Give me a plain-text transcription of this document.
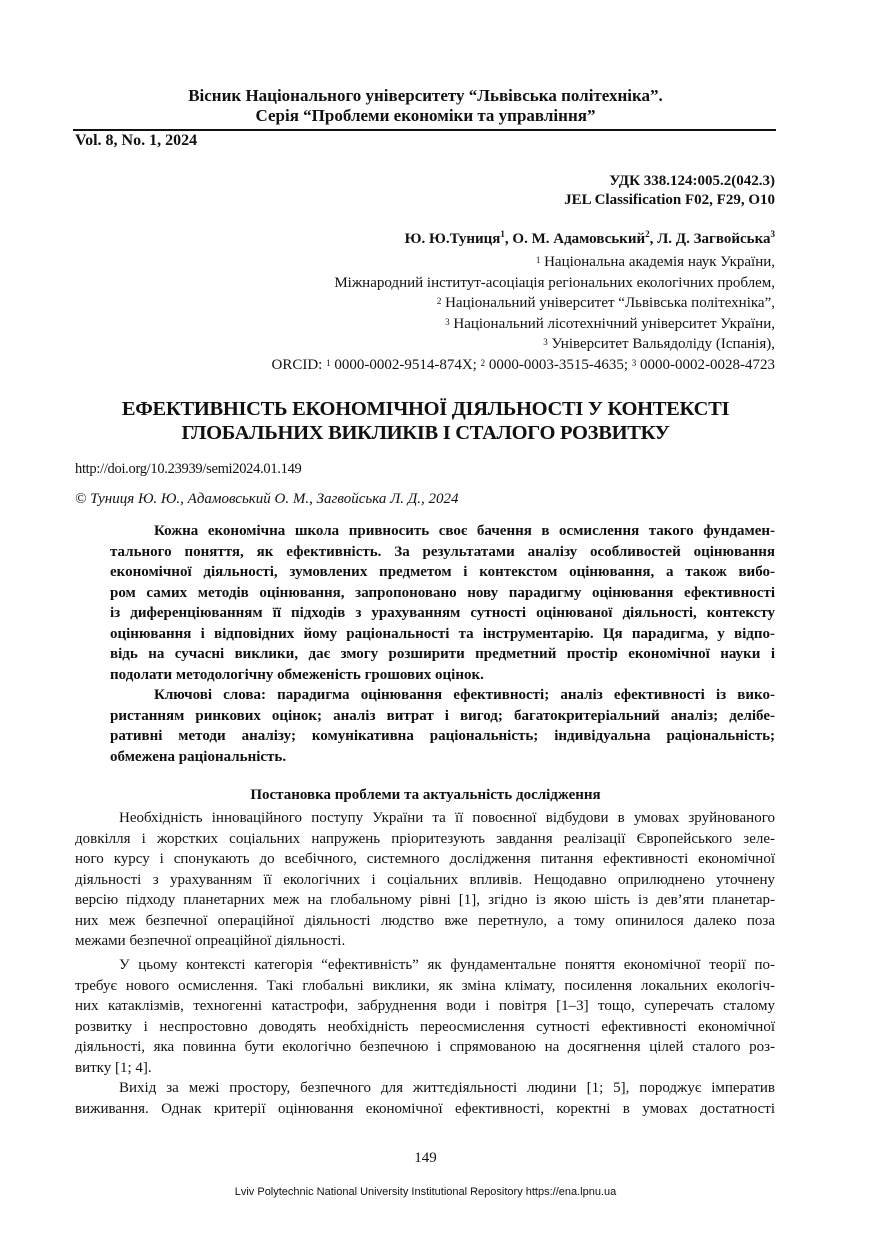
Вісник Національного університету “Львівська політехніка”.
Серія “Проблеми економіки та управління”
Vol. 8, No. 1, 2024
УДК 338.124:005.2(042.3)
JEL Classification F02, F29, O10
Ю. Ю.Туниця$^1$, О. М. Адамовський$^2$, Л. Д. Загвойська$^3$
$^1$ Національна академія наук України,
Міжнародний інститут-асоціація регіональних екологічних проблем,
$^2$ Національний університет “Львівська політехніка”,
$^3$ Національний лісотехнічний університет України,
$^3$ Університет Вальядоліду (Іспанія),
ORCID: $^1$ 0000-0002-9514-874X; $^2$ 0000-0003-3515-4635; $^3$ 0000-0002-0028-4723
ЕФЕКТИВНІСТЬ ЕКОНОМІЧНОЇ ДІЯЛЬНОСТІ У КОНТЕКСТІ
ГЛОБАЛЬНИХ ВИКЛИКІВ І СТАЛОГО РОЗВИТКУ
http://doi.org/10.23939/semi2024.01.149
© Туниця Ю. Ю., Адамовський О. М., Загвойська Л. Д., 2024
Кожна економічна школа привносить своє бачення в осмислення такого фундамен-
тального поняття, як ефективність. За результатами аналізу особливостей оцінювання
економічної діяльності, зумовлених предметом і контекстом оцінювання, а також вибо-
ром самих методів оцінювання, запропоновано нову парадигму оцінювання ефективності
із диференціюванням її підходів з урахуванням сутності оцінюваної діяльності, контексту
оцінювання і відповідних йому раціональності та інструментарію. Ця парадигма, у відпо-
відь на сучасні виклики, дає змогу розширити предметний простір економічної науки і
подолати методологічну обмеженість грошових оцінок.
Ключові слова: парадигма оцінювання ефективності; аналіз ефективності із вико-
ристанням ринкових оцінок; аналіз витрат і вигод; багатокритеріальний аналіз; делібе-
ративні методи аналізу; комунікативна раціональність; індивідуальна раціональність;
обмежена раціональність.
Постановка проблеми та актуальність дослідження
Необхідність інноваційного поступу України та її повоєнної відбудови в умовах зруйнованого
довкілля і жорстких соціальних напружень пріоритезують завдання реалізації Європейського зеле-
ного курсу і спонукають до всебічного, системного дослідження питання ефективності економічної
діяльності з урахуванням її екологічних і соціальних впливів. Нещодавно оприлюднено уточнену
версію підходу планетарних меж на глобальному рівні [1], згідно із якою шість із дев’яти планетар-
них меж безпечної операційної діяльності людство вже перетнуло, а тому опинилося далеко поза
межами безпечної опреаційної діяльності.
У цьому контексті категорія “ефективність” як фундаментальне поняття економічної теорії по-
требує нового осмислення. Такі глобальні виклики, як зміна клімату, посилення локальних екологіч-
них катаклізмів, техногенні катастрофи, забруднення води і повітря [1–3] тощо, суперечать сталому
розвитку і неспростовно доводять необхідність переосмислення сутності ефективності економічної
діяльності, яка повинна бути екологічно безпечною і спрямованою на досягнення цілей сталого роз-
витку [1; 4].
Вихід за межі простору, безпечного для життєдіяльності людини [1; 5], породжує імператив
виживання. Однак критерії оцінювання економічної ефективності, коректні в умовах достатності
149
Lviv Polytechnic National University Institutional Repository https://ena.lpnu.ua
